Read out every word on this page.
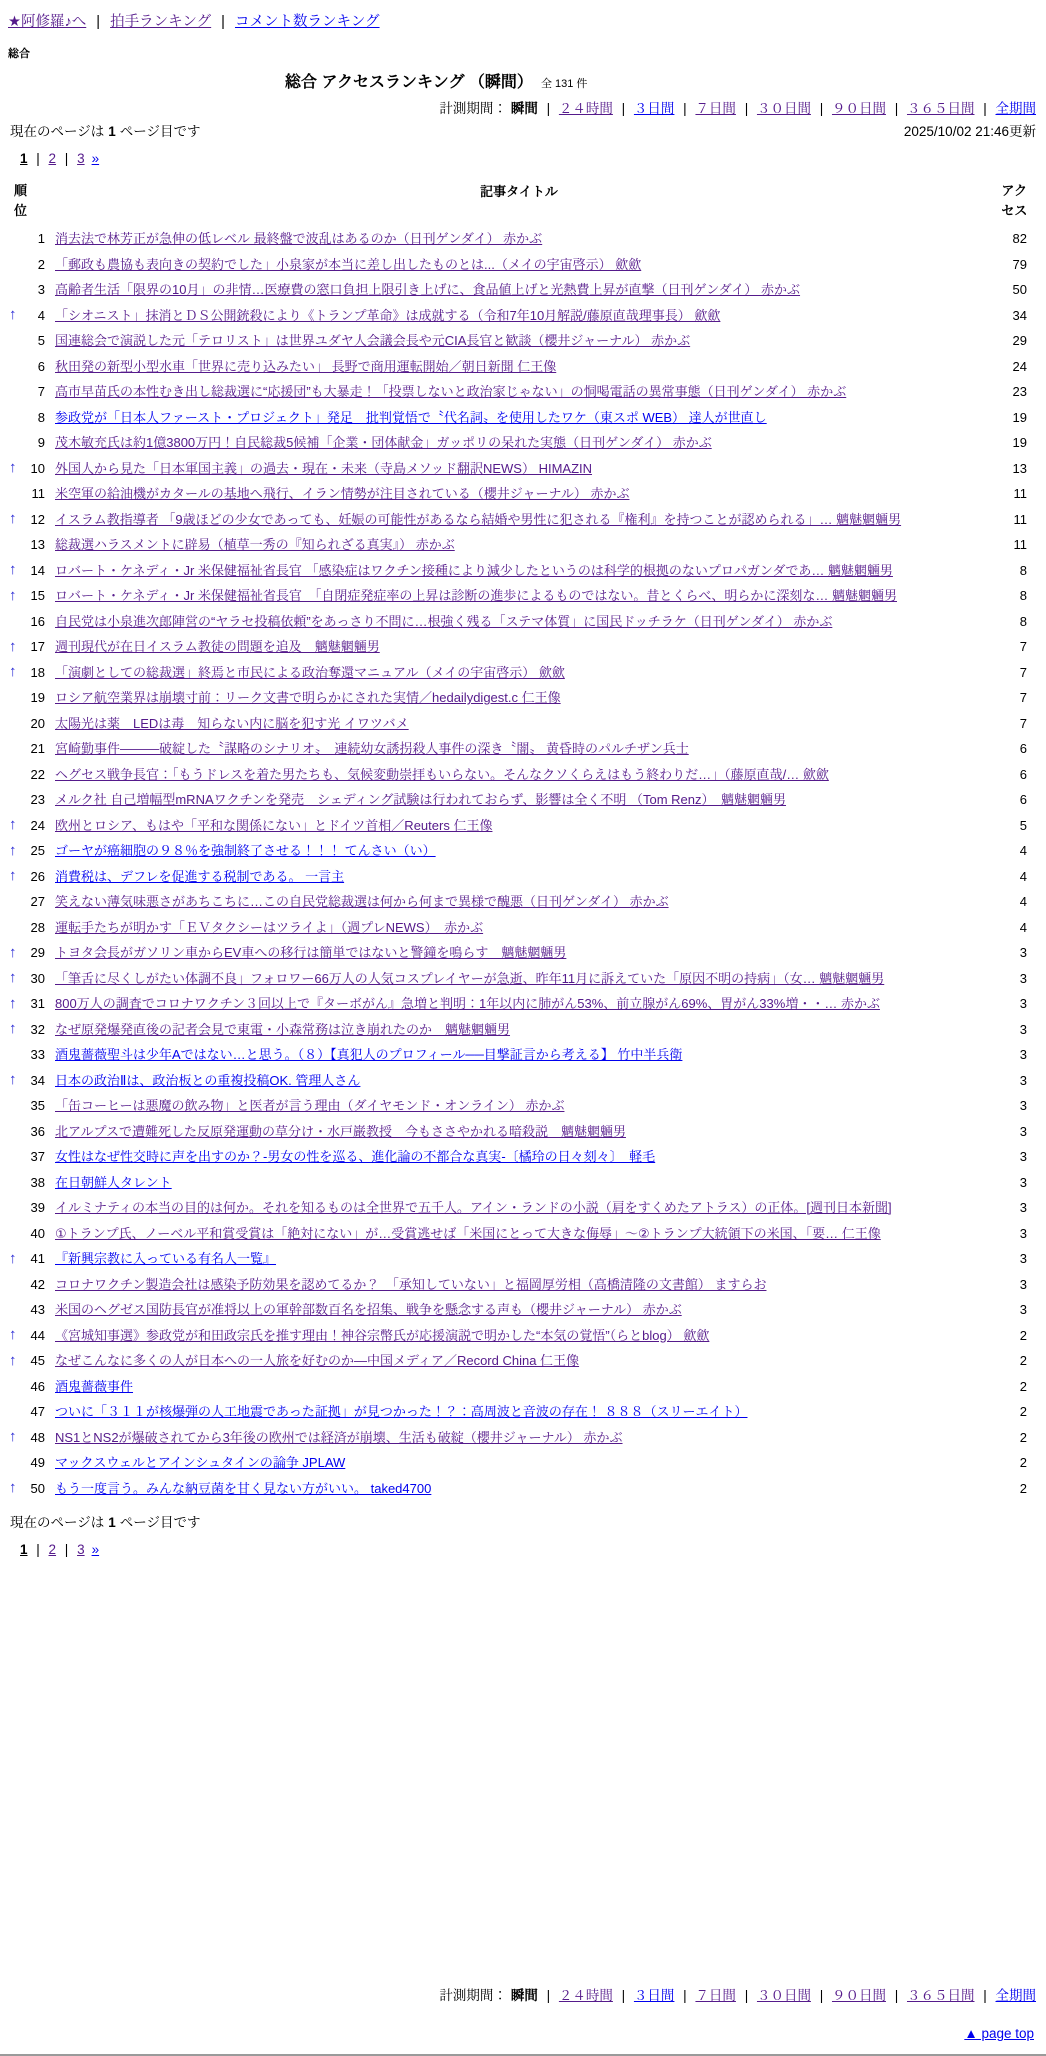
★阿修羅♪へ | 拍手ランキング | コメント数ランキング
総合
総合 アクセスランキング （瞬間） 全 131 件
計測期間： 瞬間 | ２４時間 | ３日間 | ７日間 | ３０日間 | ９０日間 | ３６５日間 | 全期間
現在のページは 1 ページ目です	2025/10/02 21:46更新
1 | 2 | 3 »
順位	記事タイトル	アクセス
1	消去法で林芳正が急伸の低レベル 最終盤で波乱はあるのか（日刊ゲンダイ） 赤かぶ	82
2	「郵政も農協も表向きの契約でした」小泉家が本当に差し出したものとは...（メイの宇宙啓示） 歛歛	79
3	高齢者生活「限界の10月」の非情…医療費の窓口負担上限引き上げに、食品値上げと光熱費上昇が直撃（日刊ゲンダイ） 赤かぶ	50

↑ 4	「シオニスト」抹消とＤＳ公開銃殺により《トランプ革命》は成就する（令和7年10月解説/藤原直哉理事長） 歛歛	34
5	国連総会で演説した元「テロリスト」は世界ユダヤ人会議会長や元CIA長官と歓談（櫻井ジャーナル） 赤かぶ	29
6	秋田発の新型小型水車「世界に売り込みたい」 長野で商用運転開始／朝日新聞 仁王像	24
7	高市早苗氏の本性むき出し総裁選に“応援団”も大暴走！「投票しないと政治家じゃない」の恫喝電話の異常事態（日刊ゲンダイ） 赤かぶ	23
8	参政党が「日本人ファースト・プロジェクト」発足　批判覚悟で〝代名詞〟を使用したワケ（東スポ WEB） 達人が世直し	19
9	茂木敏充氏は約1億3800万円！自民総裁5候補「企業・団体献金」ガッポリの呆れた実態（日刊ゲンダイ） 赤かぶ	19

↑ 10	外国人から見た「日本軍国主義」の過去・現在・未来（寺島メソッド翻訳NEWS） HIMAZIN	13
11	米空軍の給油機がカタールの基地へ飛行、イラン情勢が注目されている（櫻井ジャーナル） 赤かぶ	11

↑ 12	イスラム教指導者 「9歳ほどの少女であっても、妊娠の可能性があるなら結婚や男性に犯される『権利』を持つことが認められる」… 魑魅魍魎男	11
13	総裁選ハラスメントに辟易（植草一秀の『知られざる真実』） 赤かぶ	11

↑ 14	ロバート・ケネディ・Jr 米保健福祉省長官 「感染症はワクチン接種により減少したというのは科学的根拠のないプロパガンダであ… 魑魅魍魎男	8

↑ 15	ロバート・ケネディ・Jr 米保健福祉省長官　「自閉症発症率の上昇は診断の進歩によるものではない。昔とくらべ、明らかに深刻な… 魑魅魍魎男	8
16	自民党は小泉進次郎陣営の“ヤラセ投稿依頼”をあっさり不問に…根強く残る「ステマ体質」に国民ドッチラケ（日刊ゲンダイ） 赤かぶ	8

↑ 17	週刊現代が在日イスラム教徒の問題を追及　魑魅魍魎男	7

↑ 18	「演劇としての総裁選」終焉と市民による政治奪還マニュアル（メイの宇宙啓示） 歛歛	7
19	ロシア航空業界は崩壊寸前：リーク文書で明らかにされた実情／hedailydigest.c 仁王像	7
20	太陽光は薬　LEDは毒　知らない内に脳を犯す光 イワツバメ	7
21	宮崎勤事件―――破綻した〝謀略のシナリオ〟　連続幼女誘拐殺人事件の深き〝闇〟 黄昏時のパルチザン兵士	6
22	ヘグセス戦争長官：「もうドレスを着た男たちも、気候変動崇拝もいらない。そんなクソくらえはもう終わりだ…」（藤原直哉/… 歛歛	6
23	メルク社 自己増幅型mRNAワクチンを発売　シェディング試験は行われておらず、影響は全く不明 （Tom Renz）　魑魅魍魎男	6

↑ 24	欧州とロシア、もはや「平和な関係にない」とドイツ首相／Reuters 仁王像	5

↑ 25	ゴーヤが癌細胞の９８％を強制終了させる！！！ てんさい（い）	4

↑ 26	消費税は、デフレを促進する税制である。 一言主	4
27	笑えない薄気味悪さがあちこちに…この自民党総裁選は何から何まで異様で醜悪（日刊ゲンダイ） 赤かぶ	4
28	運転手たちが明かす「ＥＶタクシーはツライよ」（週プレNEWS）　赤かぶ	4

↑ 29	トヨタ会長がガソリン車からEV車への移行は簡単ではないと警鐘を鳴らす　魑魅魍魎男	3

↑ 30	「筆舌に尽くしがたい体調不良」フォロワー66万人の人気コスプレイヤーが急逝、昨年11月に訴えていた「原因不明の持病」（女… 魑魅魍魎男	3

↑ 31	800万人の調査でコロナワクチン３回以上で『ターボがん』急増と判明：1年以内に肺がん53%、前立腺がん69%、胃がん33%増・・… 赤かぶ	3

↑ 32	なぜ原発爆発直後の記者会見で東電・小森常務は泣き崩れたのか　魑魅魍魎男	3
33	酒鬼薔薇聖斗は少年Aではない…と思う。（８）【真犯人のプロフィール──目撃証言から考える】 竹中半兵衛	3

↑ 34	日本の政治Ⅱは、政治板との重複投稿OK. 管理人さん	3
35	「缶コーヒーは悪魔の飲み物」と医者が言う理由（ダイヤモンド・オンライン） 赤かぶ	3
36	北アルプスで遭難死した反原発運動の草分け・水戸巌教授　今もささやかれる暗殺説　魑魅魍魎男	3
37	女性はなぜ性交時に声を出すのか？-男女の性を巡る、進化論の不都合な真実-〔橘玲の日々刻々〕　軽毛	3
38	在日朝鮮人タレント	3
39	イルミナティの本当の目的は何か。それを知るものは全世界で五千人。アイン・ランドの小説（肩をすくめたアトラス）の正体。[週刊日本新聞]	3
40	①トランプ氏、ノーベル平和賞受賞は「絶対にない」が…受賞逃せば「米国にとって大きな侮辱」～②トランプ大統領下の米国、「要… 仁王像	3

↑ 41	『新興宗教に入っている有名人一覧』	3
42	コロナワクチン製造会社は感染予防効果を認めてるか？　「承知していない」と福岡厚労相（高橋清隆の文書館） ますらお	3
43	米国のヘグゼス国防長官が准将以上の軍幹部数百名を招集、戦争を懸念する声も（櫻井ジャーナル） 赤かぶ	3

↑ 44	《宮城知事選》参政党が和田政宗氏を推す理由！神谷宗幣氏が応援演説で明かした“本気の覚悟”（らとblog） 歛歛	2

↑ 45	なぜこんなに多くの人が日本への一人旅を好むのか―中国メディア／Record China 仁王像	2
46	酒鬼薔薇事件	2
47	ついに「３１１が核爆弾の人工地震であった証拠」が見つかった！？：高周波と音波の存在！ ８８８（スリーエイト）	2

↑ 48	NS1とNS2が爆破されてから3年後の欧州では経済が崩壊、生活も破綻（櫻井ジャーナル） 赤かぶ	2
49	マックスウェルとアインシュタインの論争 JPLAW	2

↑ 50	もう一度言う。みんな納豆菌を甘く見ない方がいい。 taked4700	2
現在のページは 1 ページ目です
1 | 2 | 3 »
計測期間： 瞬間 | ２４時間 | ３日間 | ７日間 | ３０日間 | ９０日間 | ３６５日間 | 全期間
▲ page top
